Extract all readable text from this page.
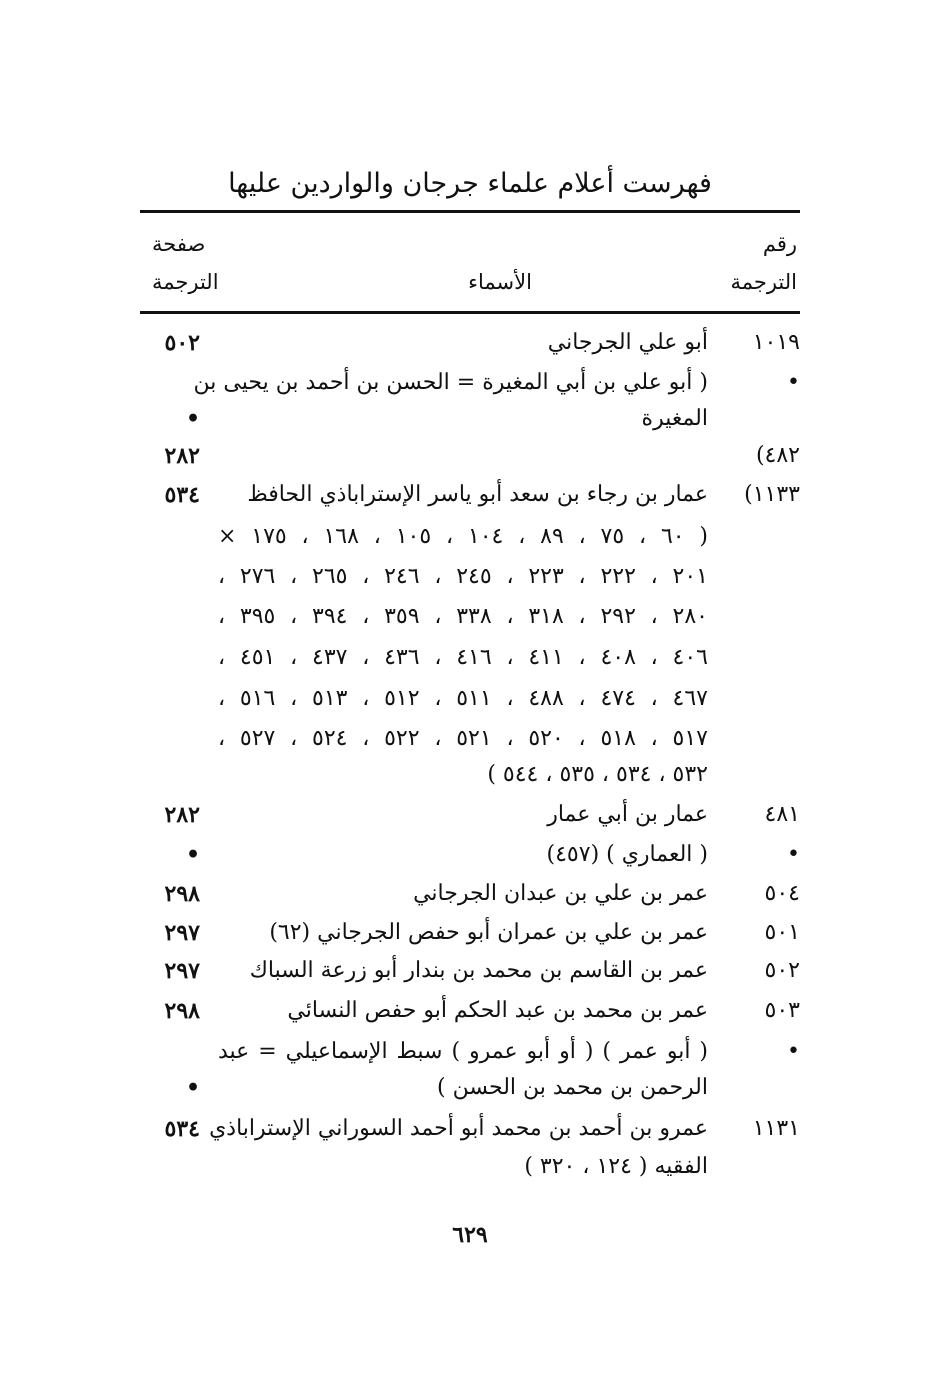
فهرست أعلام علماء جرجان والواردين عليها
رقم
الترجمة
الأسماء
صفحة
الترجمة
١٠١٩
أبو علي الجرجاني
٥٠٢
•
( أبو علي بن أبي المغيرة = الحسن بن أحمد بن يحيى بن
المغيرة
•
٤٨٢)
٢٨٢
١١٣٣)
عمار بن رجاء بن سعد أبو ياسر الإستراباذي الحافظ
٥٣٤
( ٦٠ ، ٧٥ ، ٨٩ ، ١٠٤ ، ١٠٥ ، ١٦٨ ، ١٧٥ ×
٢٠١ ، ٢٢٢ ، ٢٢٣ ، ٢٤٥ ، ٢٤٦ ، ٢٦٥ ، ٢٧٦ ،
٢٨٠ ، ٢٩٢ ، ٣١٨ ، ٣٣٨ ، ٣٥٩ ، ٣٩٤ ، ٣٩٥ ،
٤٠٦ ، ٤٠٨ ، ٤١١ ، ٤١٦ ، ٤٣٦ ، ٤٣٧ ، ٤٥١ ،
٤٦٧ ، ٤٧٤ ، ٤٨٨ ، ٥١١ ، ٥١٢ ، ٥١٣ ، ٥١٦ ،
٥١٧ ، ٥١٨ ، ٥٢٠ ، ٥٢١ ، ٥٢٢ ، ٥٢٤ ، ٥٢٧ ،
٥٣٢ ، ٥٣٤ ، ٥٣٥ ، ٥٤٤ )
٤٨١
عمار بن أبي عمار
٢٨٢
•
( العماري ) (٤٥٧)
•
٥٠٤
عمر بن علي بن عبدان الجرجاني
٢٩٨
٥٠١
عمر بن علي بن عمران أبو حفص الجرجاني (٦٢)
٢٩٧
٥٠٢
عمر بن القاسم بن محمد بن بندار أبو زرعة السباك
٢٩٧
٥٠٣
عمر بن محمد بن عبد الحكم أبو حفص النسائي
٢٩٨
•
( أبو عمر ) ( أو أبو عمرو ) سبط الإسماعيلي = عبد
الرحمن بن محمد بن الحسن )
•
١١٣١
عمرو بن أحمد بن محمد أبو أحمد السوراني الإستراباذي
٥٣٤
الفقيه ( ١٢٤ ، ٣٢٠ )
٦٢٩
